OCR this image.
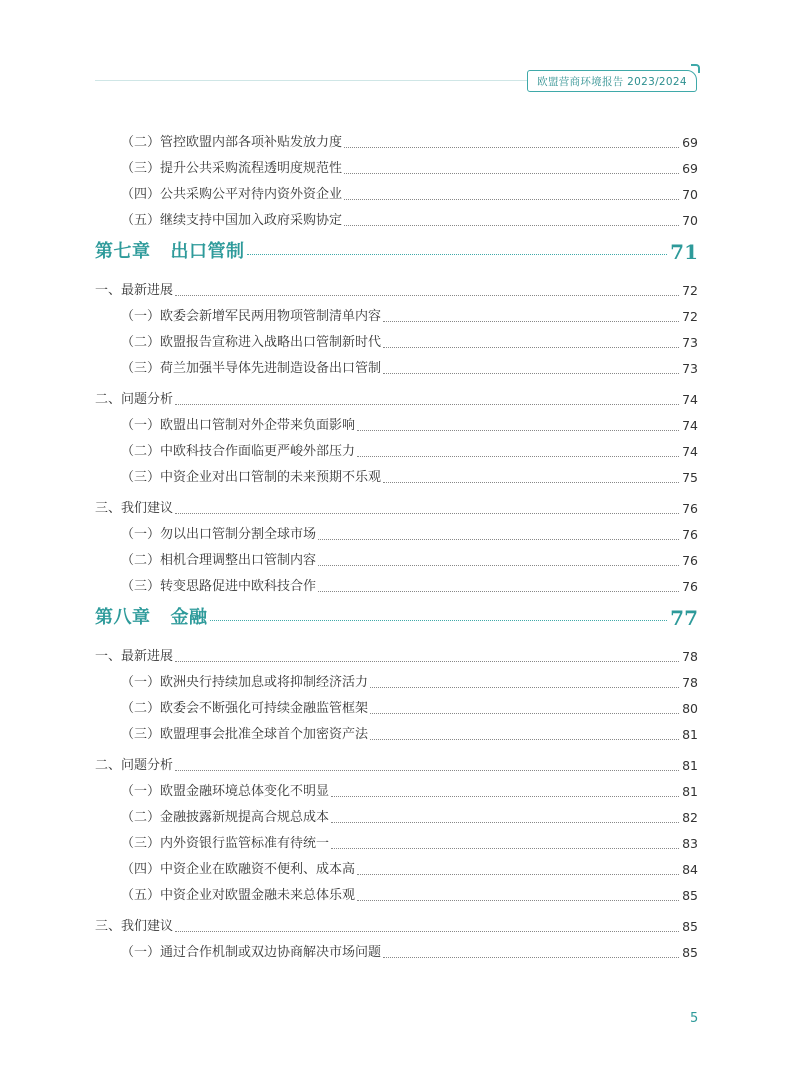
欧盟营商环境报告 2023/2024
（二）管控欧盟内部各项补贴发放力度	69
（三）提升公共采购流程透明度规范性	69
（四）公共采购公平对待内资外资企业	70
（五）继续支持中国加入政府采购协定	70
第七章 出口管制	71
一、最新进展	72
（一）欧委会新增军民两用物项管制清单内容	72
（二）欧盟报告宣称进入战略出口管制新时代	73
（三）荷兰加强半导体先进制造设备出口管制	73
二、问题分析	74
（一）欧盟出口管制对外企带来负面影响	74
（二）中欧科技合作面临更严峻外部压力	74
（三）中资企业对出口管制的未来预期不乐观	75
三、我们建议	76
（一）勿以出口管制分割全球市场	76
（二）相机合理调整出口管制内容	76
（三）转变思路促进中欧科技合作	76
第八章 金融	77
一、最新进展	78
（一）欧洲央行持续加息或将抑制经济活力	78
（二）欧委会不断强化可持续金融监管框架	80
（三）欧盟理事会批准全球首个加密资产法	81
二、问题分析	81
（一）欧盟金融环境总体变化不明显	81
（二）金融披露新规提高合规总成本	82
（三）内外资银行监管标准有待统一	83
（四）中资企业在欧融资不便利、成本高	84
（五）中资企业对欧盟金融未来总体乐观	85
三、我们建议	85
（一）通过合作机制或双边协商解决市场问题	85
5
